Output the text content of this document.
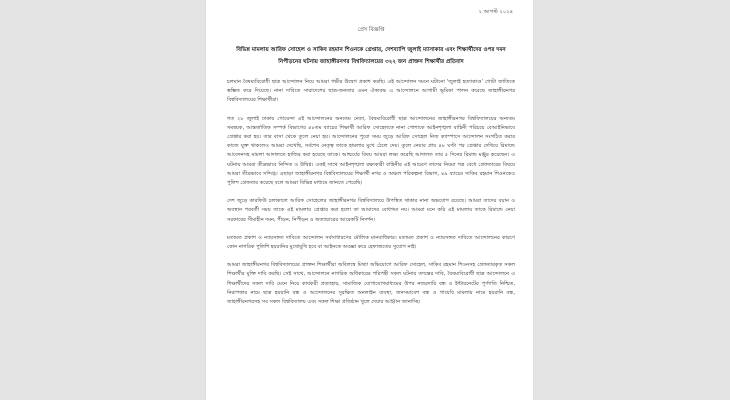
২ আগস্ট ২০২৪
প্রেস বিজ্ঞপ্তি
বিভিন্ন মামলায় আরিফ সোহেল ও সাকিব রহমান শিওনকে গ্রেপ্তার, দেশব্যাপি জুলাই ম্যাসাকার এবং শিক্ষার্থীদের ওপর দমন নিপীড়নের ঘটনায় জাহাঙ্গীরনগর বিশ্ববিদ্যালয়ের ৩২২ জন প্রাক্তন শিক্ষার্থীর প্রতিবাদ

চলমান বৈষম্যবিরোধী ছাত্র আন্দোলন নিয়ে আমরা গভীর উদ্বেগ প্রকাশ করছি। এই আন্দোলন দমনে ঘটানো 'জুলাই হত্যাকাণ্ড' গোটা জাতিকে স্তম্ভিত করে দিয়েছে। নানা দাবিতে সারাদেশের ছাত্র-জনতার এমন ঐক্যবদ্ধ এ আন্দোলনে আগামী ভূমিকা পালন করেছে জাহাঙ্গীরনগর বিশ্ববিদ্যালয়ের শিক্ষার্থীরা।

গত ২৮ জুলাই ঢাকায় গোয়েন্দা এই আন্দোলনের অন্যতম নেতা, বৈষম্যবিরোধী ছাত্র আন্দোলনের জাহাঙ্গীরনগর বিশ্ববিদ্যালয়ের অন্যতম সমন্বয়ক, আন্তর্জাতিক সম্পর্ক বিভাগের ৪৮তম ব্যাচের শিক্ষার্থী আরিফ সোহেলকে নানা পোশাকে আইনশৃঙ্খলা বাহিনী পরিচয়ে বেআইনিভাবে গ্রেপ্তার করা হয়। তার বাসা থেকে তুলে নেয়া হয়। আন্দোলনের পুরো সময় জুড়ে আরিফ সোহেল নিজ ক্যাম্পাসে আন্দোলন সংগঠিত করার কাজে যুক্ত থাকলেও আমরা দেখেছি, সর্বশেষ নেতৃত্ব তাকে হামলার মুখে ঠেলে দেয়। তুলে নেয়ার প্রায় ৪৮ ঘণ্টা পর গ্রেপ্তার দেখিয়ে রিমান্ডে আবেদনসহ মামলা আদালতে হাজির করা হয়েছে তাকে। আশ্চর্যের বিষয় আমরা লক্ষ্য করেছি আদালত তার ৫ দিনের রিমান্ড মঞ্জুর করেছেন। এ ঘটনায় আমরা তীব্রভাবে নিন্দিত ও উদ্বিগ্ন। একই সাথে আইনশৃঙ্খলা রক্ষাকারী বাহিনীর এই আচরণ তাদের নিয়মা গত্র বেধে গ্রেফতারের বিষয়ে আমরা তীব্রভাবে সন্দিগ্ধ। এছাড়া জাহাঙ্গীরনগর বিশ্ববিদ্যালয়ের শিক্ষার্থী নগর ও অঞ্চল পরিকল্পনা বিভাগ, ৪৯ ব্যাচের সাকিব রহমান শিওনকেও পুলিশ গ্রেফতার করেছে বলে আমরা বিভিন্ন মাধ্যমে জানতে পেরেছি।

দেশ জুড়ে কারফিউ চলাকালে আরিফ সোহেলের জাহাঙ্গীরনগর বিশ্ববিদ্যালয়ে উপস্থিত থাকার নানা অভযোগ রয়েছে। আমরা তাদের বয়ান ও অবস্থান পরবর্তী সময় তাকে এই মামলায় গ্রেপ্তার করা হলো তা আমাদের বোধগম্য নয়। আমরা মনে করি এই মামলায় তাকে রিমান্ডে নেয়া সরকারের সীমাহীন দমন, পীড়ন, নিপীড়ন ও অত্যাচারের আরেকটি নিদর্শন।

মতামত প্রকাশ ও ন্যায়সঙ্গত দাবিতে আন্দোলন সর্বসাধারণের মৌলিক মানবাধিকার। মতামত প্রকাশ ও ন্যায়সঙ্গত দাবিতে আন্দোলনের কারণে কোন নাগরিক পুলিশি হয়রানির মুখোমুখি হবে বা আইনকে অবজ্ঞা করে হেফাজতের সুযোগ নাই।

আমরা জাহাঙ্গীরনগর বিশ্ববিদ্যালয়ের প্রাক্তন শিক্ষার্থীরা অবিলম্বে মিথ্যা অভিযোগে আরিফ সোহেল, সাকিব রহমান শিওনসহ গ্রেফতারকৃত সকল শিক্ষার্থীর মুক্তি দাবি করছি। সেই সাথে, আন্দোলনে নাগরিক অধিকারের পরিপন্থী সকল ঘটনার তদন্তের দাবি, বৈষম্যবিরোধী ছাত্র আন্দোলনে এ শিক্ষার্থীদের সকল দাবি মেনে নিয়ে কার্যকরী প্রত্যাহার, সামাজিক যোগাযোগমাধ্যমের উপর নজরদারি বন্ধ ও ইন্টারনেটের পূর্ণগতি নিশ্চিত, নিরাপত্তার নামে ছাত্র হয়রানি বন্ধ ও আন্দোলনের সুরক্ষিত অনলাইন ব্যবস্থা, জনসমাবেশ বন্ধ ও গায়েবি মামলায় নামে হয়রানি বন্ধ, জাহাঙ্গীরনগরসহ সব সকল বিশ্ববিদ্যালয় এবং সকল শিক্ষা প্রতিষ্ঠান খুলে দেয়ার আহ্বান জানাচ্ছি।
